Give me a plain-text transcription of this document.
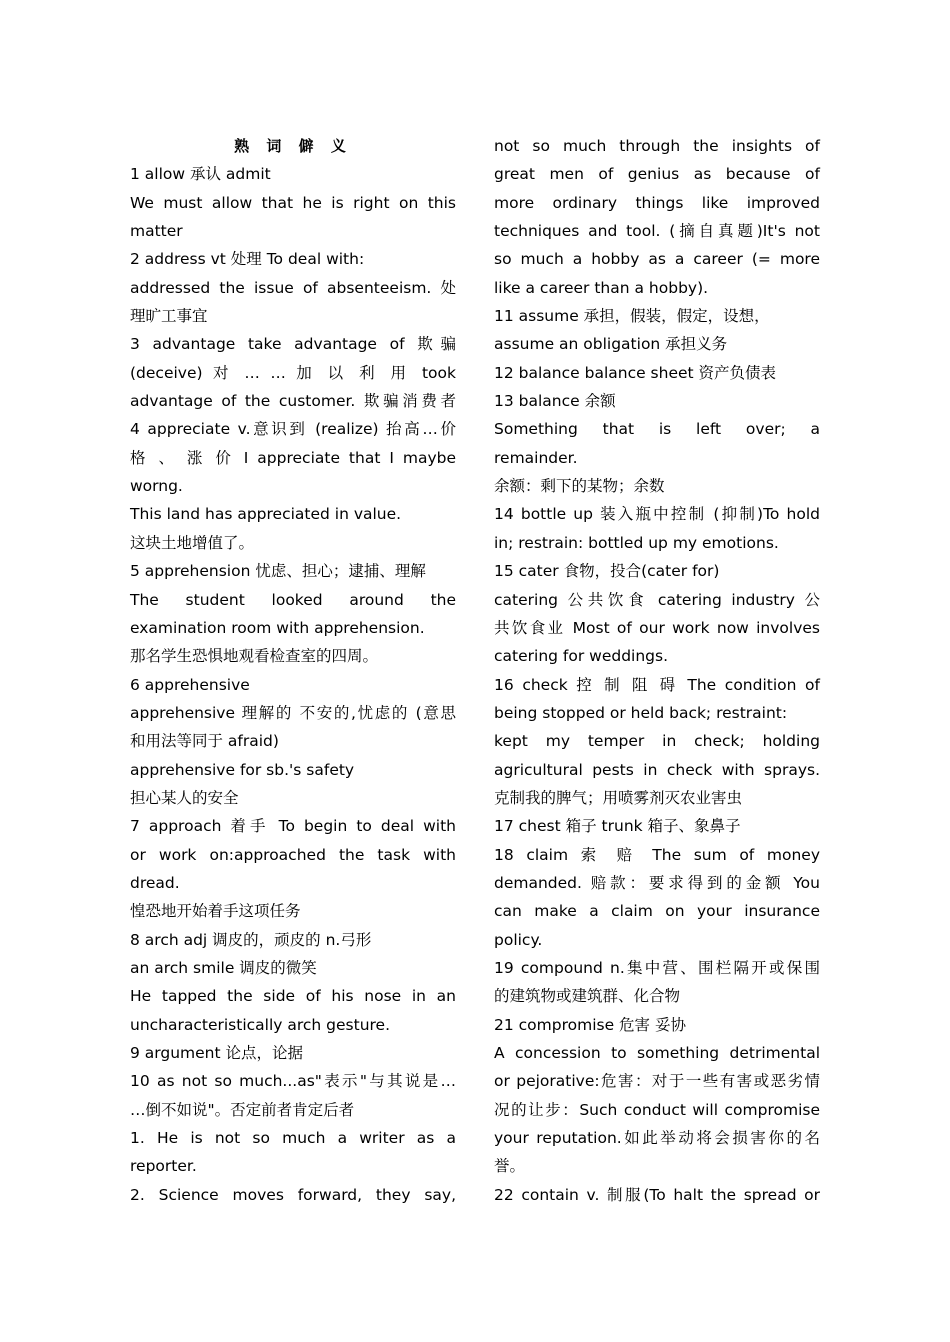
熟 词 僻 义
1 allow 承认 admit
We must allow that he is right on this
matter
2 address vt 处理 To deal with:
addressed the issue of absenteeism. 处
理旷工事宜
3 advantage take advantage of 欺骗
(deceive) 对 … … 加 以 利 用 took
advantage of the customer. 欺骗消费者
4 appreciate v.意识到 (realize) 抬高…价
格 、 涨 价 I appreciate that I maybe
worng.
This land has appreciated in value.
这块土地增值了。
5 apprehension 忧虑、担心；逮捕、理解
The student looked around the
examination room with apprehension.
那名学生恐惧地观看检查室的四周。
6 apprehensive
apprehensive 理解的 不安的,忧虑的 (意思
和用法等同于 afraid)
apprehensive for sb.'s safety
担心某人的安全
7 approach 着手 To begin to deal with
or work on:approached the task with
dread.
惶恐地开始着手这项任务
8 arch adj 调皮的，顽皮的 n.弓形
an arch smile 调皮的微笑
He tapped the side of his nose in an
uncharacteristically arch gesture.
9 argument 论点，论据
10 as not so much...as"表示"与其说是…
…倒不如说"。否定前者肯定后者
1. He is not so much a writer as a
reporter.
2. Science moves forward, they say,
not so much through the insights of
great men of genius as because of
more ordinary things like improved
techniques and tool. (摘自真题)It's not
so much a hobby as a career (= more
like a career than a hobby).
11 assume 承担，假装，假定，设想，
assume an obligation 承担义务
12 balance balance sheet 资产负债表
13 balance 余额
Something that is left over; a
remainder.
余额：剩下的某物；余数
14 bottle up 装入瓶中控制 (抑制)To hold
in; restrain: bottled up my emotions.
15 cater 食物，投合(cater for)
catering 公共饮食 catering industry 公
共饮食业 Most of our work now involves
catering for weddings.
16 check 控 制 阻 碍 The condition of
being stopped or held back; restraint:
kept my temper in check; holding
agricultural pests in check with sprays.
克制我的脾气；用喷雾剂灭农业害虫
17 chest 箱子 trunk 箱子、象鼻子
18 claim 索 赔 The sum of money
demanded. 赔款：要求得到的金额 You
can make a claim on your insurance
policy.
19 compound n.集中营、围栏隔开或保围
的建筑物或建筑群、化合物
21 compromise 危害 妥协
A concession to something detrimental
or pejorative:危害：对于一些有害或恶劣情
况的让步：Such conduct will compromise
your reputation.如此举动将会损害你的名
誉。
22 contain v. 制服(To halt the spread or
